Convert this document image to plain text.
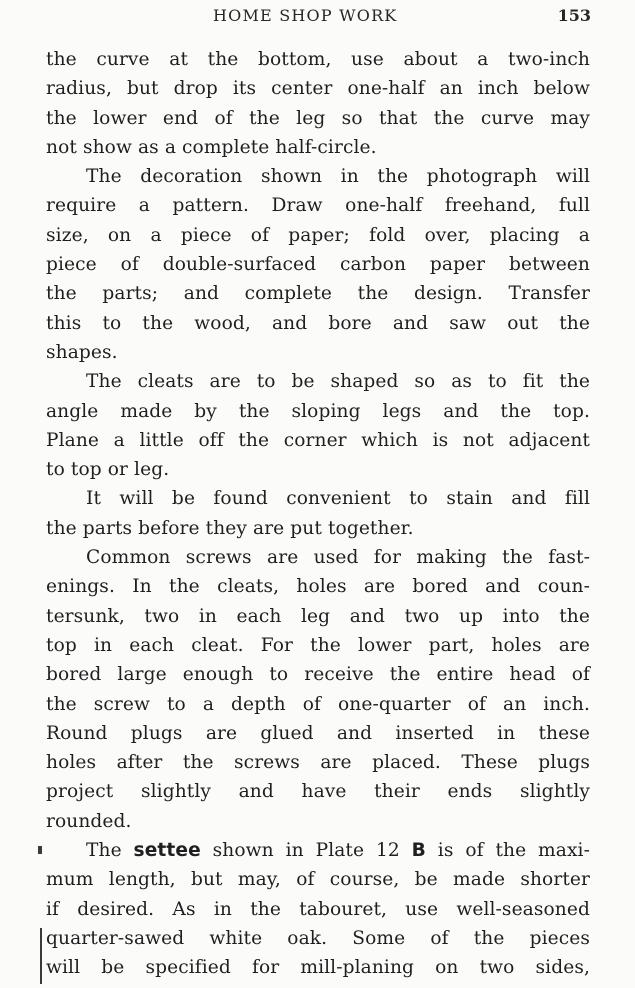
HOME SHOP WORK	153

the curve at the bottom, use about a two-inch
radius, but drop its center one-half an inch below
the lower end of the leg so that the curve may
not show as a complete half-circle.

The decoration shown in the photograph will
require a pattern. Draw one-half freehand, full
size, on a piece of paper; fold over, placing a
piece of double-surfaced carbon paper between
the parts; and complete the design. Transfer
this to the wood, and bore and saw out the
shapes.

The cleats are to be shaped so as to fit the
angle made by the sloping legs and the top.
Plane a little off the corner which is not adjacent
to top or leg.

It will be found convenient to stain and fill
the parts before they are put together.

Common screws are used for making the fast-
enings. In the cleats, holes are bored and coun-
tersunk, two in each leg and two up into the
top in each cleat. For the lower part, holes are
bored large enough to receive the entire head of
the screw to a depth of one-quarter of an inch.
Round plugs are glued and inserted in these
holes after the screws are placed. These plugs
project slightly and have their ends slightly
rounded.

The settee shown in Plate 12 B is of the maxi-
mum length, but may, of course, be made shorter
if desired. As in the tabouret, use well-seasoned
quarter-sawed white oak. Some of the pieces
will be specified for mill-planing on two sides,
